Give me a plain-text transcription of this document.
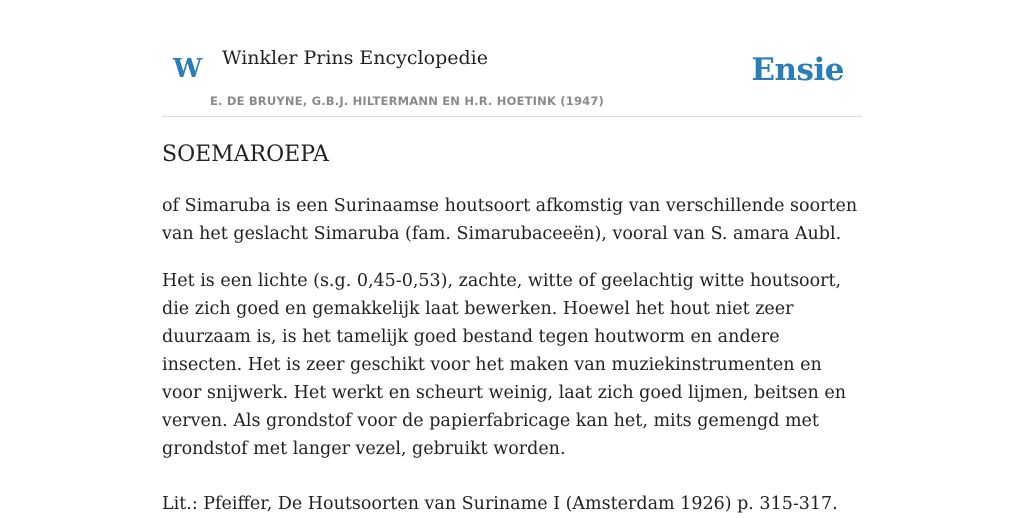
W Winkler Prins Encyclopedie
E. DE BRUYNE, G.B.J. HILTERMANN EN H.R. HOETINK (1947)
Ensie
SOEMAROEPA
of Simaruba is een Surinaamse houtsoort afkomstig van verschillende soorten van het geslacht Simaruba (fam. Simarubaceeën), vooral van S. amara Aubl.
Het is een lichte (s.g. 0,45-0,53), zachte, witte of geelachtig witte houtsoort, die zich goed en gemakkelijk laat bewerken. Hoewel het hout niet zeer duurzaam is, is het tamelijk goed bestand tegen houtworm en andere insecten. Het is zeer geschikt voor het maken van muziekinstrumenten en voor snijwerk. Het werkt en scheurt weinig, laat zich goed lijmen, beitsen en verven. Als grondstof voor de papierfabricage kan het, mits gemengd met grondstof met langer vezel, gebruikt worden.
Lit.: Pfeiffer, De Houtsoorten van Suriname I (Amsterdam 1926) p. 315-317.
